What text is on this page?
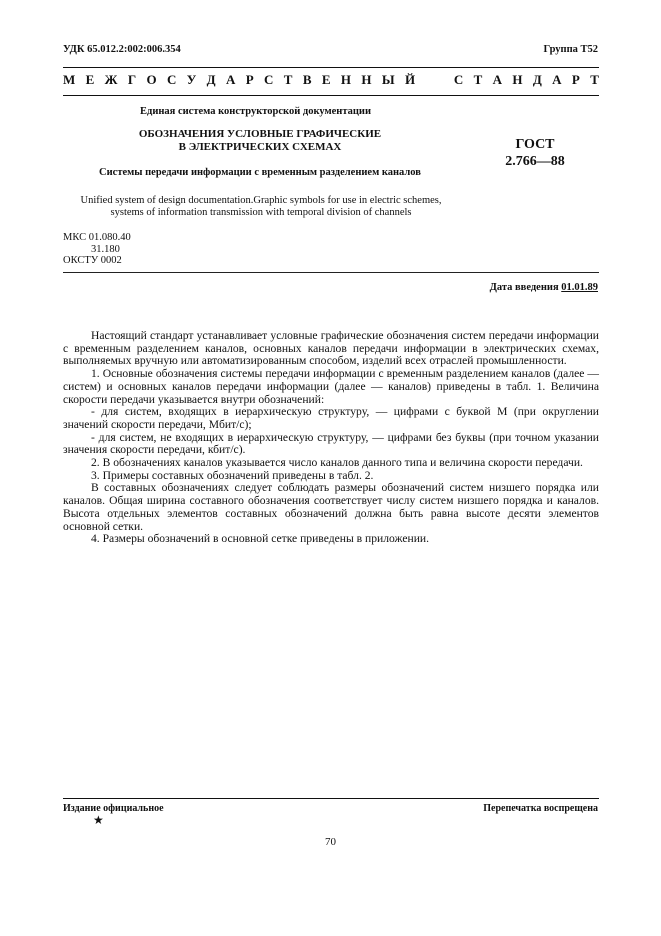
УДК 65.012.2:002:006.354	Группа Т52
М Е Ж Г О С У Д А Р С Т В Е Н Н Ы Й	С Т А Н Д А Р Т
Единая система конструкторской документации
ОБОЗНАЧЕНИЯ УСЛОВНЫЕ ГРАФИЧЕСКИЕ
В ЭЛЕКТРИЧЕСКИХ СХЕМАХ	ГОСТ
2.766—88
Системы передачи информации с временным разделением каналов
Unified system of design documentation.Graphic symbols for use in electric schemes,
systems of information transmission with temporal division of channels
МКС 01.080.40
31.180
ОКСТУ 0002
Дата введения 01.01.89

Настоящий стандарт устанавливает условные графические обозначения систем передачи информации с временным разделением каналов, основных каналов передачи информации в электрических схемах, выполняемых вручную или автоматизированным способом, изделий всех отраслей промышленности.

1. Основные обозначения системы передачи информации с временным разделением каналов (далее — систем) и основных каналов передачи информации (далее — каналов) приведены в табл. 1. Величина скорости передачи указывается внутри обозначений:

- для систем, входящих в иерархическую структуру, — цифрами с буквой М (при округлении значений скорости передачи, Мбит/с);

- для систем, не входящих в иерархическую структуру, — цифрами без буквы (при точном указании значения скорости передачи, кбит/с).

2. В обозначениях каналов указывается число каналов данного типа и величина скорости передачи.

3. Примеры составных обозначений приведены в табл. 2.

В составных обозначениях следует соблюдать размеры обозначений систем низшего порядка или каналов. Общая ширина составного обозначения соответствует числу систем низшего порядка и каналов. Высота отдельных элементов составных обозначений должна быть равна высоте десяти элементов основной сетки.

4. Размеры обозначений в основной сетке приведены в приложении.

Издание официальное	Перепечатка воспрещена
★
70
